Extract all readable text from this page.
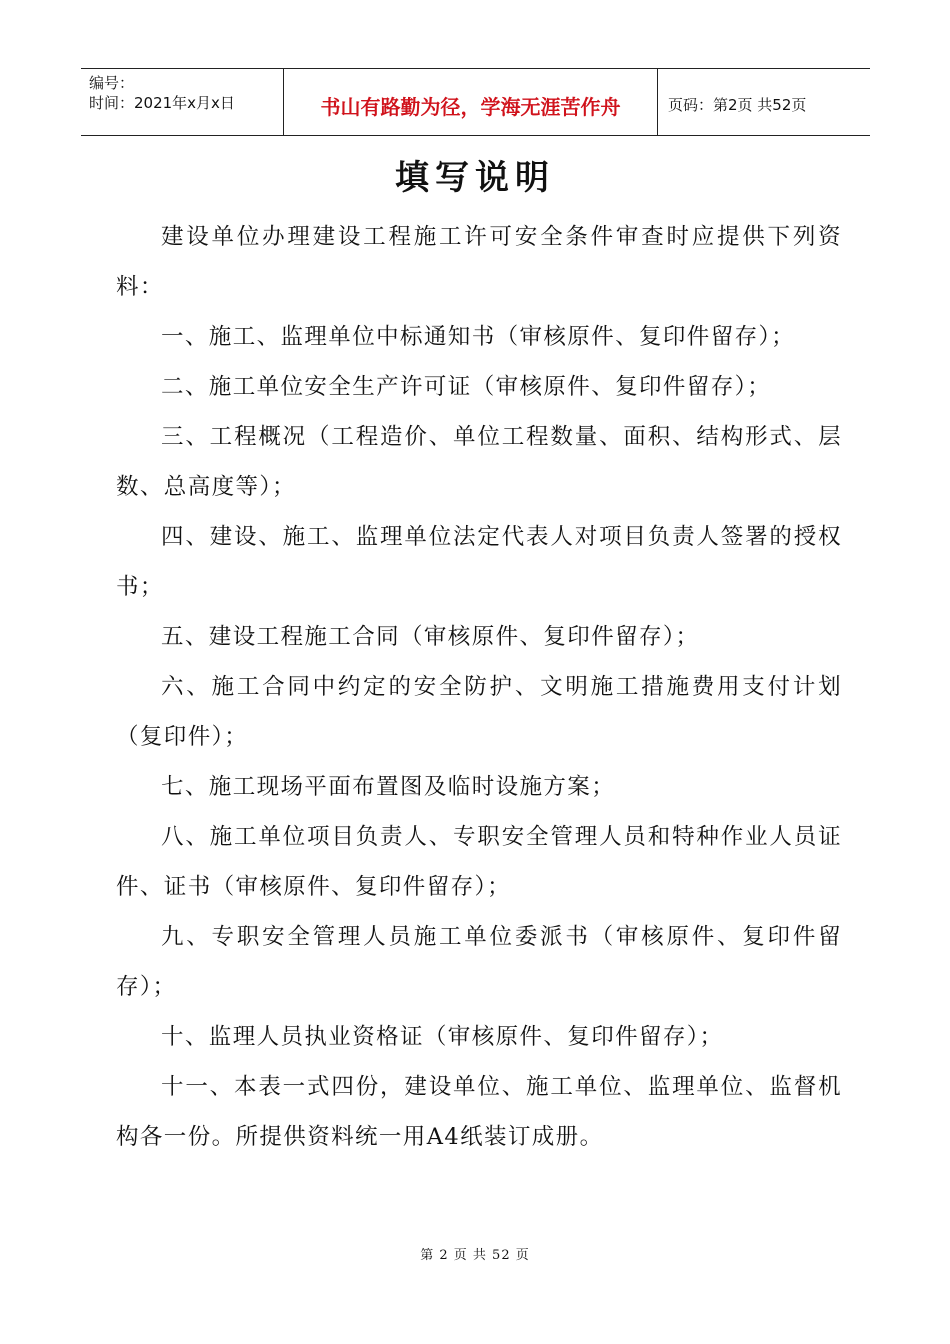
编号：
时间：2021年x月x日	书山有路勤为径，学海无涯苦作舟	页码：第2页 共52页
填写说明

建设单位办理建设工程施工许可安全条件审查时应提供下列资料：

一、施工、监理单位中标通知书（审核原件、复印件留存）；

二、施工单位安全生产许可证（审核原件、复印件留存）；

三、工程概况（工程造价、单位工程数量、面积、结构形式、层数、总高度等）；

四、建设、施工、监理单位法定代表人对项目负责人签署的授权书；

五、建设工程施工合同（审核原件、复印件留存）；

六、施工合同中约定的安全防护、文明施工措施费用支付计划（复印件）；

七、施工现场平面布置图及临时设施方案；

八、施工单位项目负责人、专职安全管理人员和特种作业人员证件、证书（审核原件、复印件留存）；

九、专职安全管理人员施工单位委派书（审核原件、复印件留存）；

十、监理人员执业资格证（审核原件、复印件留存）；

十一、本表一式四份，建设单位、施工单位、监理单位、监督机构各一份。所提供资料统一用A4纸装订成册。

第 2 页 共 52 页
